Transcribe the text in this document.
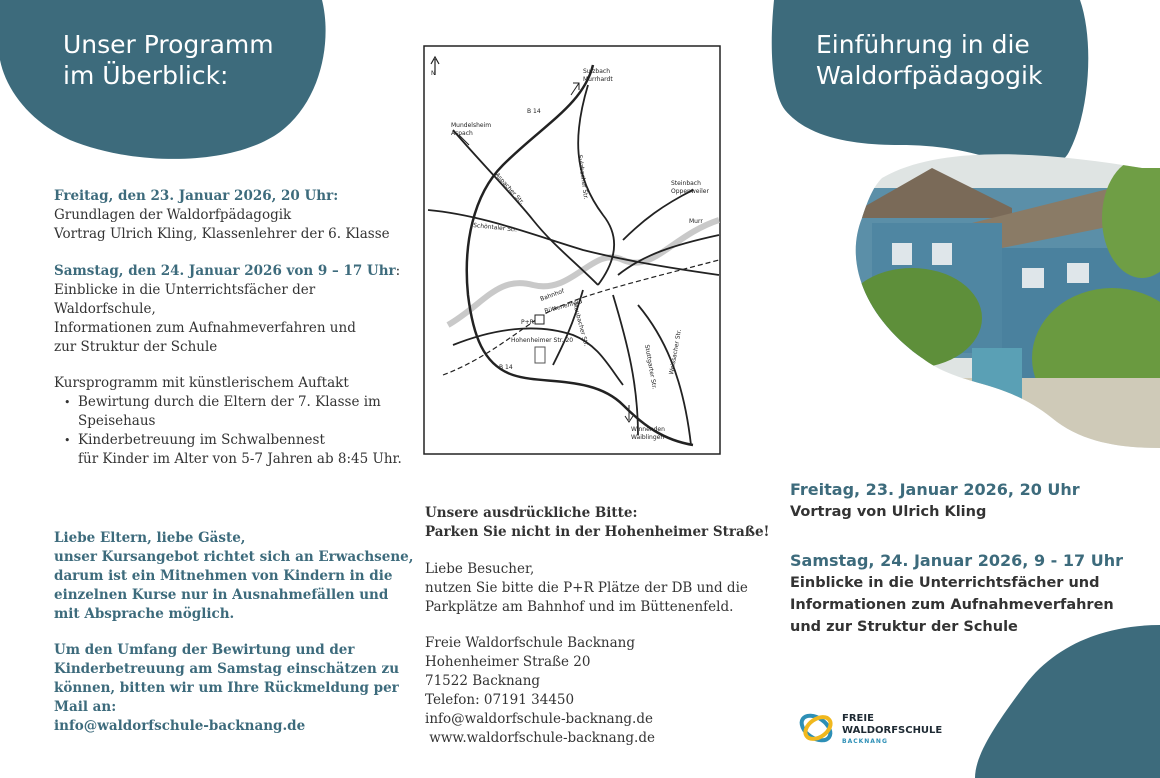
Unser Programm
im Überblick:
Freitag, den 23. Januar 2026, 20 Uhr:
Grundlagen der Waldorfpädagogik
Vortrag Ulrich Kling, Klassenlehrer der 6. Klasse
Samstag, den 24. Januar 2026 von 9 – 17 Uhr:
Einblicke in die Unterrichtsfächer der
Waldorfschule,
Informationen zum Aufnahmeverfahren und
zur Struktur der Schule
Kursprogramm mit künstlerischem Auftakt
• Bewirtung durch die Eltern der 7. Klasse im
Speisehaus
• Kinderbetreuung im Schwalbennest
für Kinder im Alter von 5-7 Jahren ab 8:45 Uhr.
Liebe Eltern, liebe Gäste,
unser Kursangebot richtet sich an Erwachsene,
darum ist ein Mitnehmen von Kindern in die
einzelnen Kurse nur in Ausnahmefällen und
mit Absprache möglich.
Um den Umfang der Bewirtung und der
Kinderbetreuung am Samstag einschätzen zu
können, bitten wir um Ihre Rückmeldung per
Mail an:
info@waldorfschule-backnang.de
N	Sulzbach
Murrhardt
B 14
Mundelsheim
Aspach
Sulzbacher Str.
Aspacher Str.	Steinbach
Oppenweiler
Murr
Schöntaler Str.
Bahnhof
Büttenenfeld
P+R
Hohenheimer Str. 20
B 14	Stuttgarter Str.
Maubacher Str.
Weissacher Str.
Winnenden
Waiblingen
Unsere ausdrückliche Bitte:
Parken Sie nicht in der Hohenheimer Straße!
Liebe Besucher,
nutzen Sie bitte die P+R Plätze der DB und die
Parkplätze am Bahnhof und im Büttenenfeld.
Freie Waldorfschule Backnang
Hohenheimer Straße 20
71522 Backnang
Telefon: 07191 34450
info@waldorfschule-backnang.de
www.waldorfschule-backnang.de
Einführung in die
Waldorfpädagogik
Freitag, 23. Januar 2026, 20 Uhr
Vortrag von Ulrich Kling
Samstag, 24. Januar 2026, 9 - 17 Uhr
Einblicke in die Unterrichtsfächer und
Informationen zum Aufnahmeverfahren
und zur Struktur der Schule
FREIE
WALDORFSCHULE
BACKNANG
